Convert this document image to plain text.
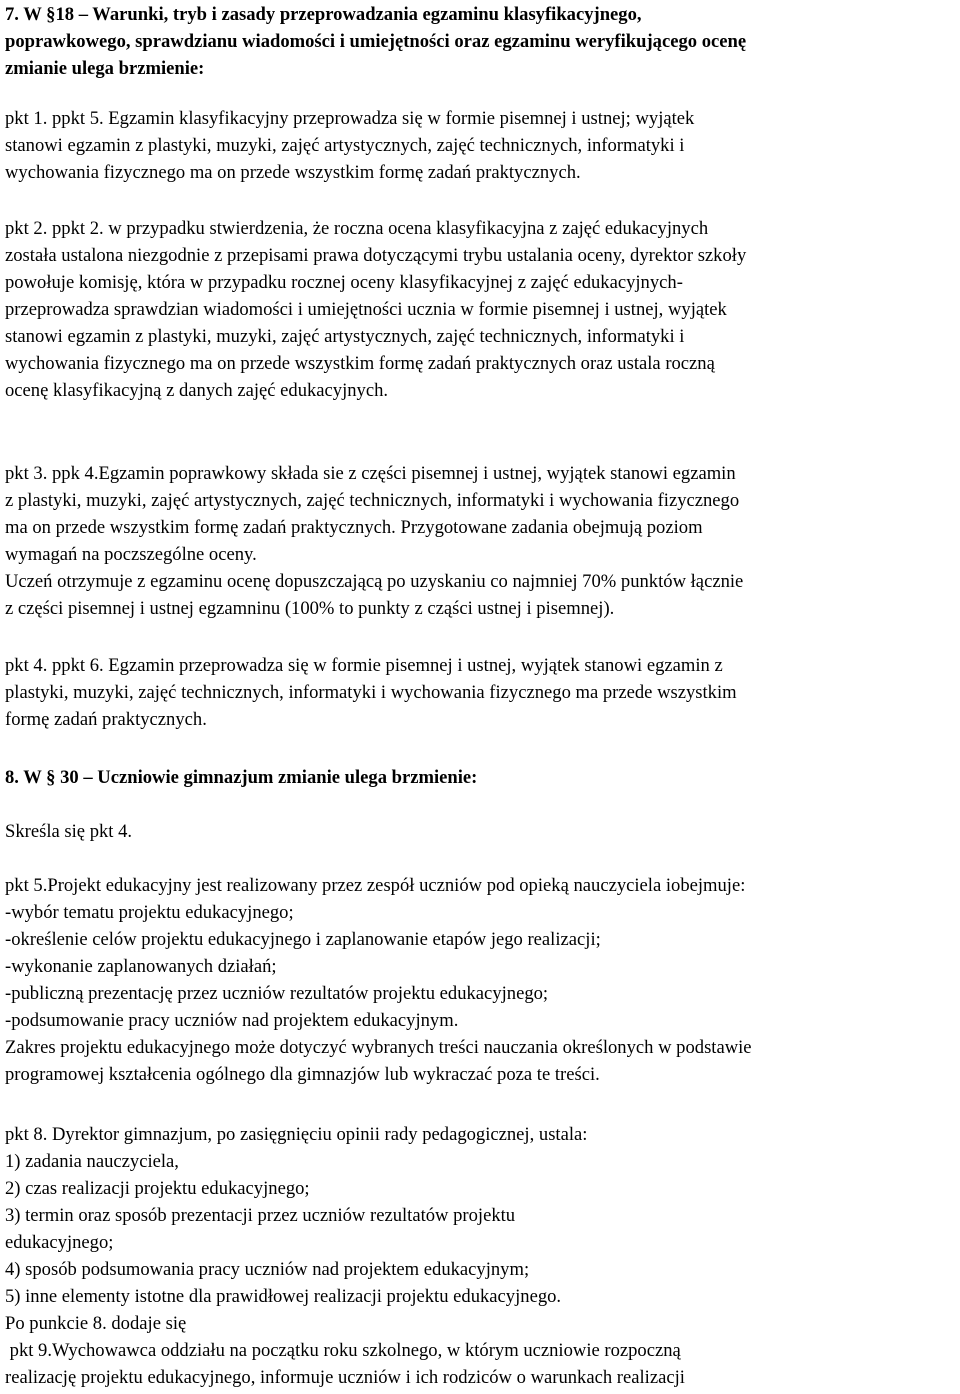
7. W §18 – Warunki, tryb i zasady przeprowadzania egzaminu klasyfikacyjnego,

poprawkowego, sprawdzianu wiadomości i umiejętności oraz egzaminu weryfikującego ocenę

zmianie ulega brzmienie:

pkt 1. ppkt 5. Egzamin klasyfikacyjny przeprowadza się w formie pisemnej i ustnej; wyjątek

stanowi egzamin z plastyki, muzyki, zajęć artystycznych, zajęć technicznych, informatyki i

wychowania fizycznego ma on przede wszystkim formę zadań praktycznych.

pkt 2. ppkt 2. w przypadku stwierdzenia, że roczna ocena klasyfikacyjna z zajęć edukacyjnych

została ustalona niezgodnie z przepisami prawa dotyczącymi trybu ustalania oceny, dyrektor szkoły

powołuje komisję, która w przypadku rocznej oceny klasyfikacyjnej z zajęć edukacyjnych-

przeprowadza sprawdzian wiadomości i umiejętności ucznia w formie pisemnej i ustnej, wyjątek

stanowi egzamin z plastyki, muzyki, zajęć artystycznych, zajęć technicznych, informatyki i

wychowania fizycznego ma on przede wszystkim formę zadań praktycznych oraz ustala roczną

ocenę klasyfikacyjną z danych zajęć edukacyjnych.

pkt 3. ppk 4.Egzamin poprawkowy składa sie z części pisemnej i ustnej, wyjątek stanowi egzamin

z plastyki, muzyki, zajęć artystycznych, zajęć technicznych, informatyki i wychowania fizycznego

ma on przede wszystkim formę zadań praktycznych. Przygotowane zadania obejmują poziom

wymagań na poczszególne oceny.

Uczeń otrzymuje z egzaminu ocenę dopuszczającą po uzyskaniu co najmniej 70% punktów łącznie

z części pisemnej i ustnej egzamninu (100% to punkty z cząści ustnej i pisemnej).

pkt 4. ppkt 6. Egzamin przeprowadza się w formie pisemnej i ustnej, wyjątek stanowi egzamin z

plastyki, muzyki, zajęć technicznych, informatyki i wychowania fizycznego ma przede wszystkim

formę zadań praktycznych.

8. W § 30 – Uczniowie gimnazjum zmianie ulega brzmienie:

Skreśla się pkt 4.

pkt 5.Projekt edukacyjny jest realizowany przez zespół uczniów pod opieką nauczyciela iobejmuje:

-wybór tematu projektu edukacyjnego;

-określenie celów projektu edukacyjnego i zaplanowanie etapów jego realizacji;

-wykonanie zaplanowanych działań;

-publiczną prezentację przez uczniów rezultatów projektu edukacyjnego;

-podsumowanie pracy uczniów nad projektem edukacyjnym.

Zakres projektu edukacyjnego może dotyczyć wybranych treści nauczania określonych w podstawie

programowej kształcenia ogólnego dla gimnazjów lub wykraczać poza te treści.

pkt 8. Dyrektor gimnazjum, po zasięgnięciu opinii rady pedagogicznej, ustala:

1) zadania nauczyciela,

2) czas realizacji projektu edukacyjnego;

3) termin oraz sposób prezentacji przez uczniów rezultatów projektu

edukacyjnego;

4) sposób podsumowania pracy uczniów nad projektem edukacyjnym;

5) inne elementy istotne dla prawidłowej realizacji projektu edukacyjnego.

Po punkcie 8. dodaje się

pkt 9.Wychowawca oddziału na początku roku szkolnego, w którym uczniowie rozpoczną

realizację projektu edukacyjnego, informuje uczniów i ich rodziców o warunkach realizacji
